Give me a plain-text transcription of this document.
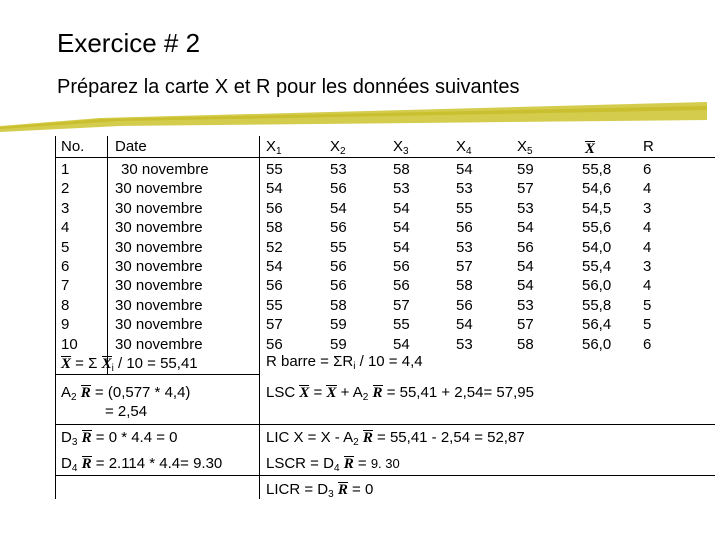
Exercice # 2
Préparez la carte X et R pour les données suivantes
No. Date	$X_1$	$X_2$	$X_3$	$X_4$	$X_5$	X	R
1	30 novembre	55	53	58	54	59	55,8 6
2	30 novembre	54	56	53	53	57	54,6 4
3	30 novembre	56	54	54	55	53	54,5 3
4	30 novembre	58	56	54	56	54	55,6 4
5	30 novembre	52	55	54	53	56	54,0 4
6	30 novembre	54	56	56	57	54	55,4 3
7	30 novembre	56	56	56	58	54	56,0 4
8	30 novembre	55	58	57	56	53	55,8 5
9	30 novembre	57	59	55	54	57	56,4 5
10 30 novembre	56	59	54	53	58	56,0 6
X = Σ $X_i / 10 = 55,41$	R barre = $\Sigma R_i / 10 = 4,4$
$A_2$ R = (0,577 * 4,4)
= 2,54
LSC $X = X + A_2$ R = 55,41 + 2,54= 57,95
$D_3$ R = 0 * 4.4 = 0	LIC $X = X - A_2$ R = 55,41 - 2,54 = 52,87
$D_4$ R = 2.114 * 4.4= 9.30	LSCR = $D_4$ R = 9. 30
LICR = $D_3$ R = 0
